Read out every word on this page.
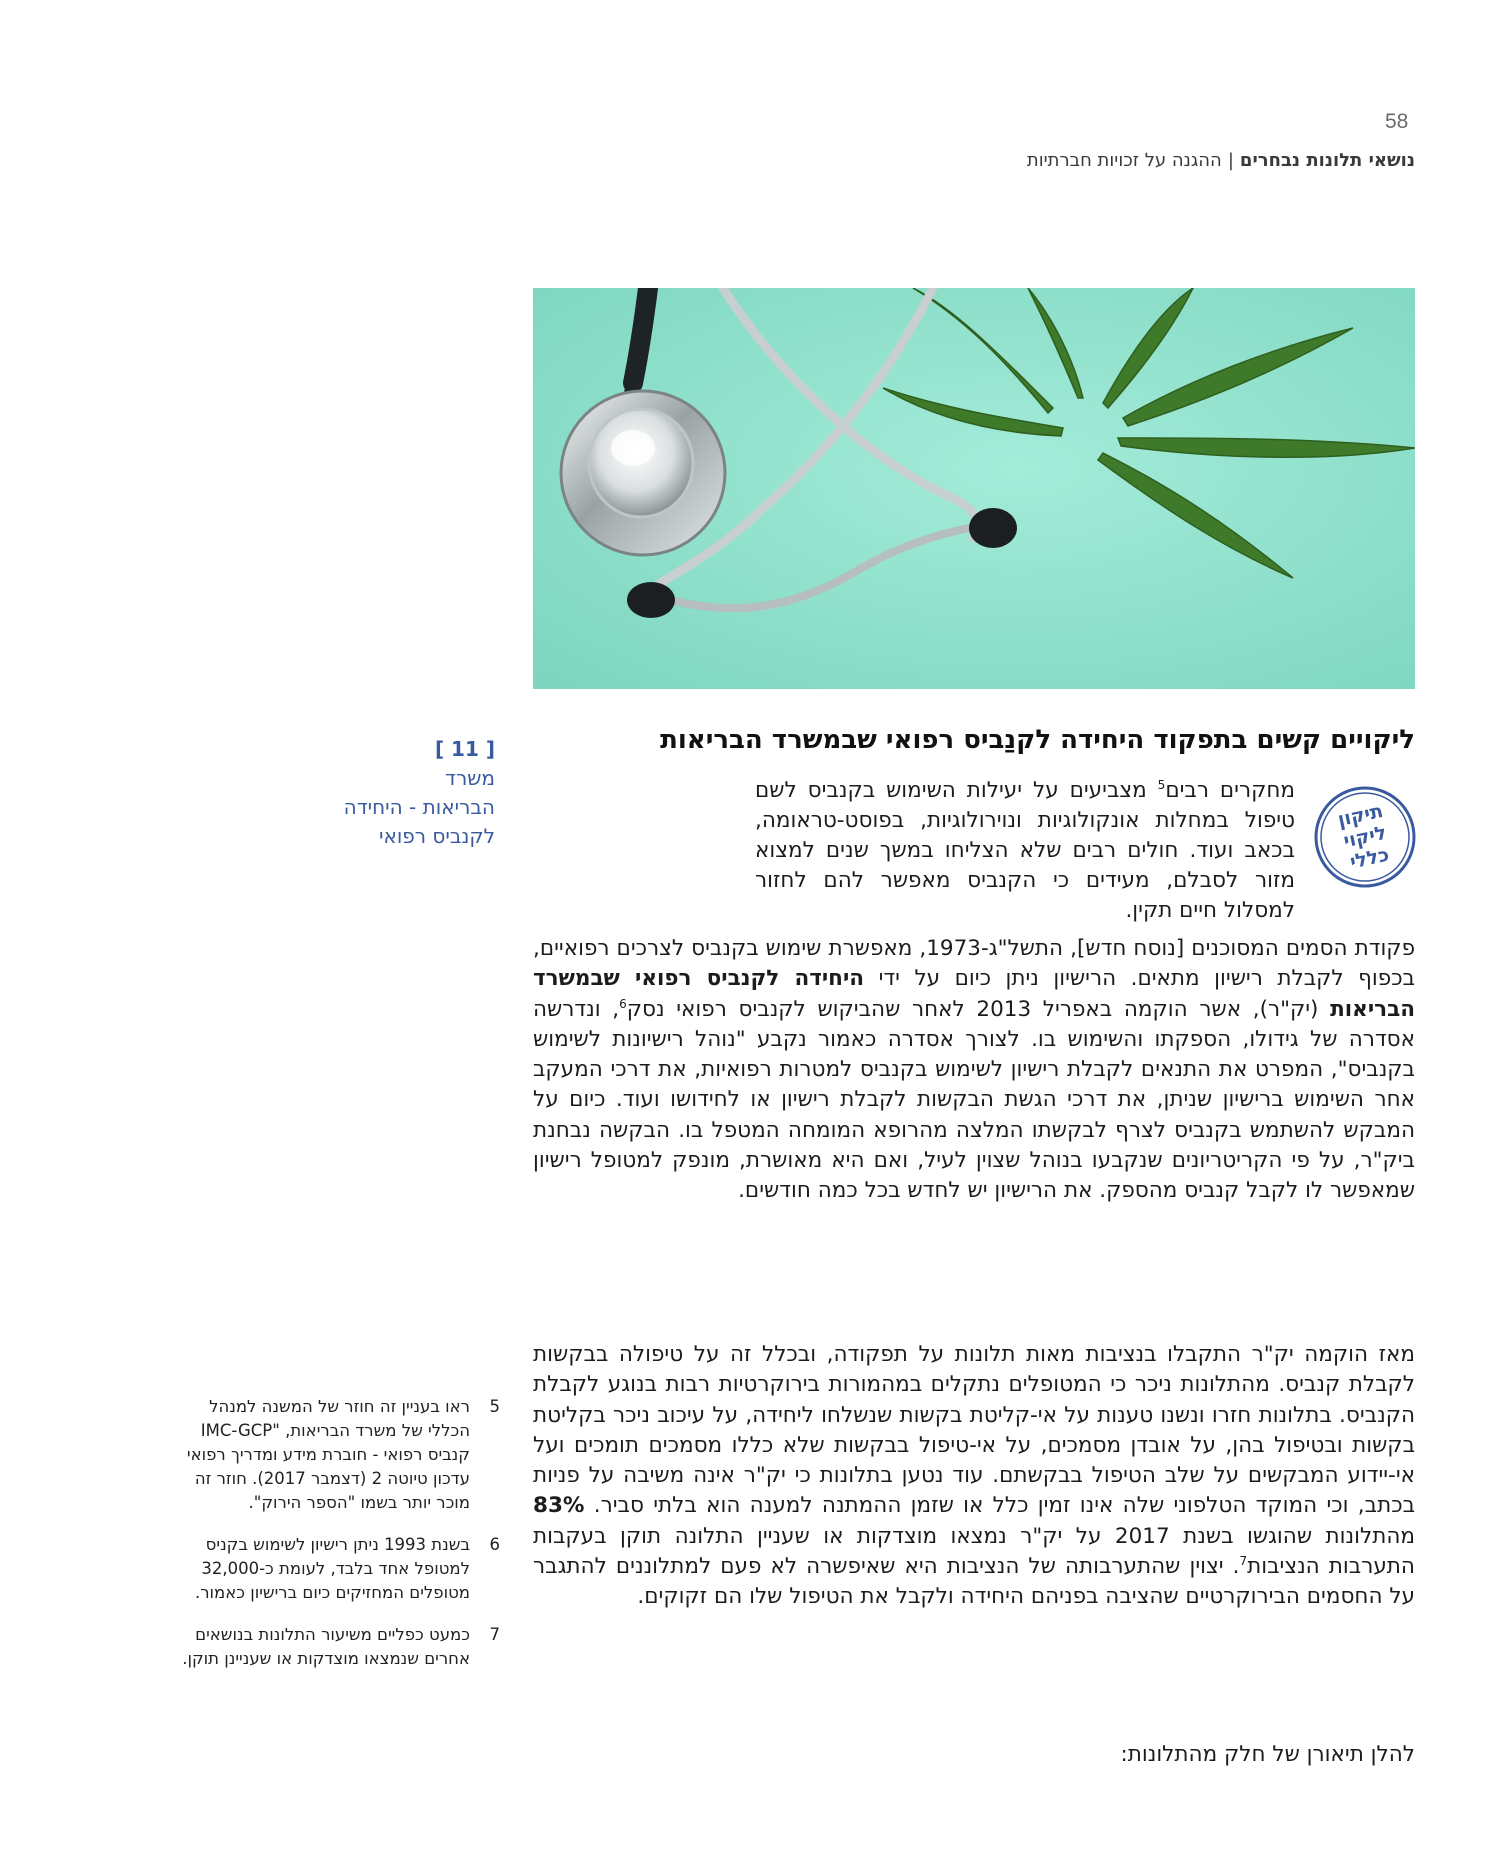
58
נושאי תלונות נבחרים|ההגנה על זכויות חברתיות
[ 11 ]
משרד
הבריאות - היחידה
לקנביס רפואי
ליקויים קשים בתפקוד היחידה לקנַביס רפואי שבמשרד הבריאות
תיקון
ליקוי
כללי

מחקרים רבים$^5$ מצביעים על יעילות השימוש בקנביס לשם טיפול במחלות אונקולוגיות ונוירולוגיות, בפוסט-טראומה, בכאב ועוד. חולים רבים שלא הצליחו במשך שנים למצוא מזור לסבלם, מעידים כי הקנביס מאפשר להם לחזור למסלול חיים תקין.

פקודת הסמים המסוכנים [נוסח חדש], התשל"ג-1973, מאפשרת שימוש בקנביס לצרכים רפואיים, בכפוף לקבלת רישיון מתאים. הרישיון ניתן כיום על ידי היחידה לקנביס רפואי שבמשרד הבריאות (יק"ר), אשר הוקמה באפריל 2013 לאחר שהביקוש לקנביס רפואי נסק$^6$, ונדרשה אסדרה של גידולו, הספקתו והשימוש בו. לצורך אסדרה כאמור נקבע "נוהל רישיונות לשימוש בקנביס", המפרט את התנאים לקבלת רישיון לשימוש בקנביס למטרות רפואיות, את דרכי המעקב אחר השימוש ברישיון שניתן, את דרכי הגשת הבקשות לקבלת רישיון או לחידושו ועוד. כיום על המבקש להשתמש בקנביס לצרף לבקשתו המלצה מהרופא המומחה המטפל בו. הבקשה נבחנת ביק"ר, על פי הקריטריונים שנקבעו בנוהל שצוין לעיל, ואם היא מאושרת, מונפק למטופל רישיון שמאפשר לו לקבל קנביס מהספק. את הרישיון יש לחדש בכל כמה חודשים.

מאז הוקמה יק"ר התקבלו בנציבות מאות תלונות על תפקודה, ובכלל זה על טיפולה בבקשות לקבלת קנביס. מהתלונות ניכר כי המטופלים נתקלים במהמורות בירוקרטיות רבות בנוגע לקבלת הקנביס. בתלונות חזרו ונשנו טענות על אי-קליטת בקשות שנשלחו ליחידה, על עיכוב ניכר בקליטת בקשות ובטיפול בהן, על אובדן מסמכים, על אי-טיפול בבקשות שלא כללו מסמכים תומכים ועל אי-יידוע המבקשים על שלב הטיפול בבקשתם. עוד נטען בתלונות כי יק"ר אינה משיבה על פניות בכתב, וכי המוקד הטלפוני שלה אינו זמין כלל או שזמן ההמתנה למענה הוא בלתי סביר. 83% מהתלונות שהוגשו בשנת 2017 על יק"ר נמצאו מוצדקות או שעניין התלונה תוקן בעקבות התערבות הנציבות$^7$. יצוין שהתערבותה של הנציבות היא שאיפשרה לא פעם למתלוננים להתגבר על החסמים הבירוקרטיים שהציבה בפניהם היחידה ולקבל את הטיפול שלו הם זקוקים.

להלן תיאורן של חלק מהתלונות:

5
ראו בעניין זה חוזר של המשנה למנהל הכללי של משרד הבריאות, "IMC-GCP קנביס רפואי - חוברת מידע ומדריך רפואי עדכון טיוטה 2 (דצמבר 2017). חוזר זה מוכר יותר בשמו "הספר הירוק".
6
בשנת 1993 ניתן רישיון לשימוש בקניס למטופל אחד בלבד, לעומת כ-32,000 מטופלים המחזיקים כיום ברישיון כאמור.
7
כמעט כפליים משיעור התלונות בנושאים אחרים שנמצאו מוצדקות או שעניינן תוקן.
